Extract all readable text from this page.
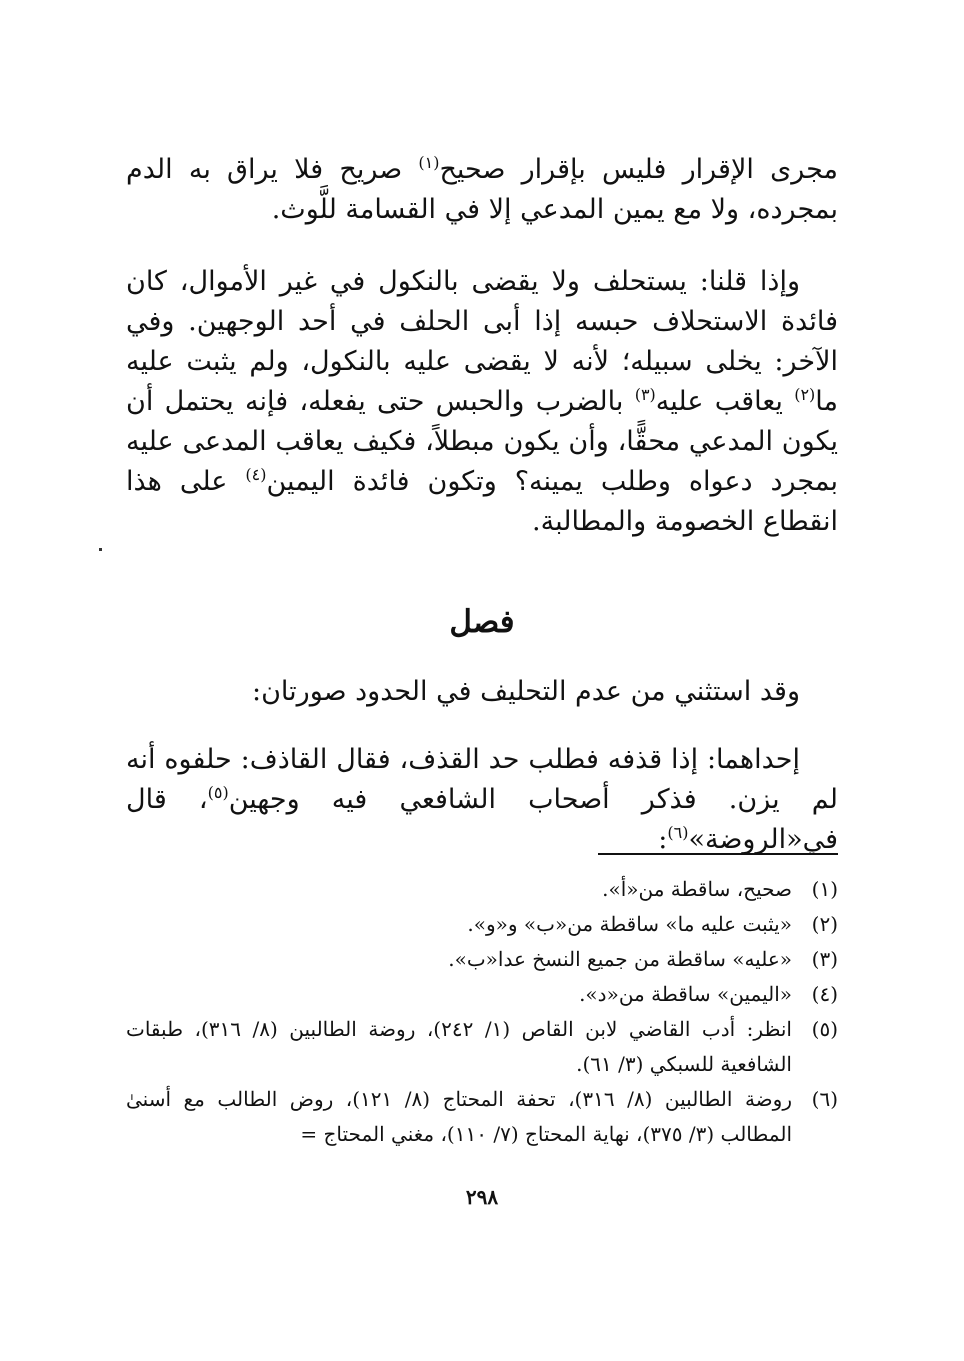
مجرى الإقرار فليس بإقرار صحيح$^{(١)}$ صريح فلا يراق به الدم بمجرده، ولا مع يمين المدعي إلا في القسامة للَّوث.

وإذا قلنا: يستحلف ولا يقضى بالنكول في غير الأموال، كان فائدة الاستحلاف حبسه إذا أبى الحلف في أحد الوجهين. وفي الآخر: يخلى سبيله؛ لأنه لا يقضى عليه بالنكول، ولم يثبت عليه ما$^{(٢)}$ يعاقب عليه$^{(٣)}$ بالضرب والحبس حتى يفعله، فإنه يحتمل أن يكون المدعي محقًّا، وأن يكون مبطلاً، فكيف يعاقب المدعى عليه بمجرد دعواه وطلب يمينه؟ وتكون فائدة اليمين$^{(٤)}$ على هذا انقطاع الخصومة والمطالبة.

فصل

وقد استثني من عدم التحليف في الحدود صورتان:

إحداهما: إذا قذفه فطلب حد القذف، فقال القاذف: حلفوه أنه لم يزن. فذكر أصحاب الشافعي فيه وجهين$^{(٥)}$، قال في«الروضة»$^{(٦)}$:

(١)
صحيح، ساقطة من«أ».
(٢)
«يثبت عليه ما» ساقطة من«ب» و«و».
(٣)
«عليه» ساقطة من جميع النسخ عدا«ب».
(٤)
«اليمين» ساقطة من«د».
(٥)
انظر: أدب القاضي لابن القاص (١/ ٢٤٢)، روضة الطالبين (٨/ ٣١٦)، طبقات الشافعية للسبكي (٣/ ٦١).
(٦)
روضة الطالبين (٨/ ٣١٦)، تحفة المحتاج (٨/ ١٢١)، روض الطالب مع أسنىٰ المطالب (٣/ ٣٧٥)، نهاية المحتاج (٧/ ١١٠)، مغني المحتاج =
٢٩٨
